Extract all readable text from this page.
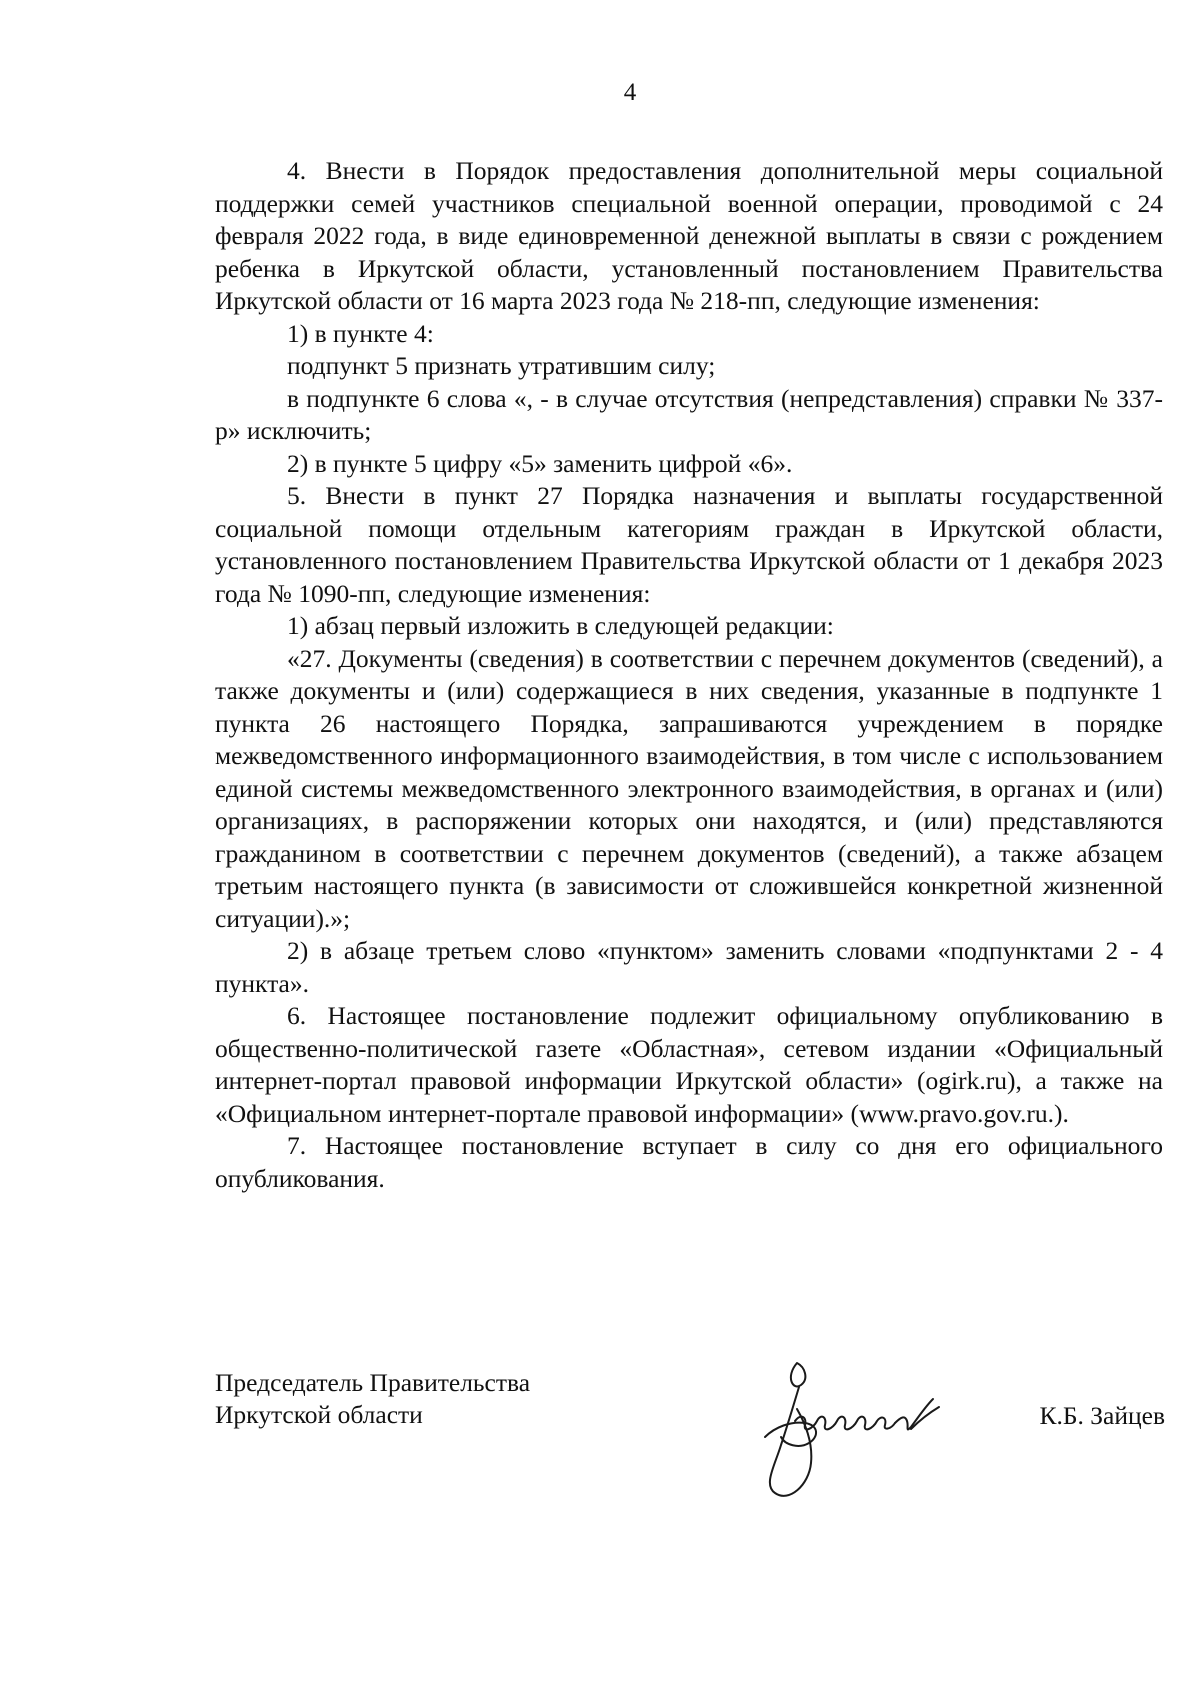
4

4. Внести в Порядок предоставления дополнительной меры социальной поддержки семей участников специальной военной операции, проводимой с 24 февраля 2022 года, в виде единовременной денежной выплаты в связи с рождением ребенка в Иркутской области, установленный постановлением Правительства Иркутской области от 16 марта 2023 года № 218-пп, следующие изменения:

1) в пункте 4:

подпункт 5 признать утратившим силу;

в подпункте 6 слова «, - в случае отсутствия (непредставления) справки № 337-р» исключить;

2) в пункте 5 цифру «5» заменить цифрой «6».

5. Внести в пункт 27 Порядка назначения и выплаты государственной социальной помощи отдельным категориям граждан в Иркутской области, установленного постановлением Правительства Иркутской области от 1 декабря 2023 года № 1090-пп, следующие изменения:

1) абзац первый изложить в следующей редакции:

«27. Документы (сведения) в соответствии с перечнем документов (сведений), а также документы и (или) содержащиеся в них сведения, указанные в подпункте 1 пункта 26 настоящего Порядка, запрашиваются учреждением в порядке межведомственного информационного взаимодействия, в том числе с использованием единой системы межведомственного электронного взаимодействия, в органах и (или) организациях, в распоряжении которых они находятся, и (или) представляются гражданином в соответствии с перечнем документов (сведений), а также абзацем третьим настоящего пункта (в зависимости от сложившейся конкретной жизненной ситуации).»;

2) в абзаце третьем слово «пунктом» заменить словами «подпунктами 2 - 4 пункта».

6. Настоящее постановление подлежит официальному опубликованию в общественно-политической газете «Областная», сетевом издании «Официальный интернет-портал правовой информации Иркутской области» (ogirk.ru), а также на «Официальном интернет-портале правовой информации» (www.pravo.gov.ru.).

7. Настоящее постановление вступает в силу со дня его официального опубликования.

Председатель Правительства
Иркутской области	К.Б. Зайцев
